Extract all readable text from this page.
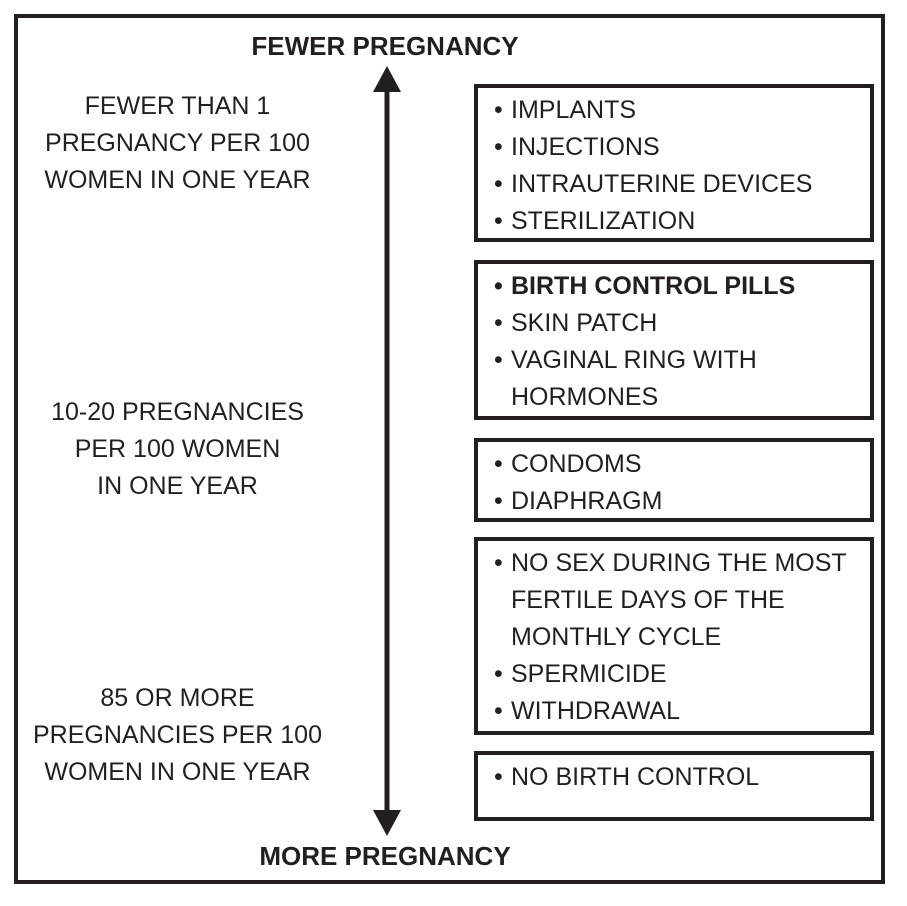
FEWER PREGNANCY
MORE PREGNANCY
FEWER THAN 1
PREGNANCY PER 100
WOMEN IN ONE YEAR
10-20 PREGNANCIES
PER 100 WOMEN
IN ONE YEAR
85 OR MORE
PREGNANCIES PER 100
WOMEN IN ONE YEAR
• IMPLANTS
• INJECTIONS
• INTRAUTERINE DEVICES
• STERILIZATION
• BIRTH CONTROL PILLS
• SKIN PATCH
• VAGINAL RING WITH
HORMONES
• CONDOMS
• DIAPHRAGM
• NO SEX DURING THE MOST
FERTILE DAYS OF THE
MONTHLY CYCLE
• SPERMICIDE
• WITHDRAWAL
• NO BIRTH CONTROL
